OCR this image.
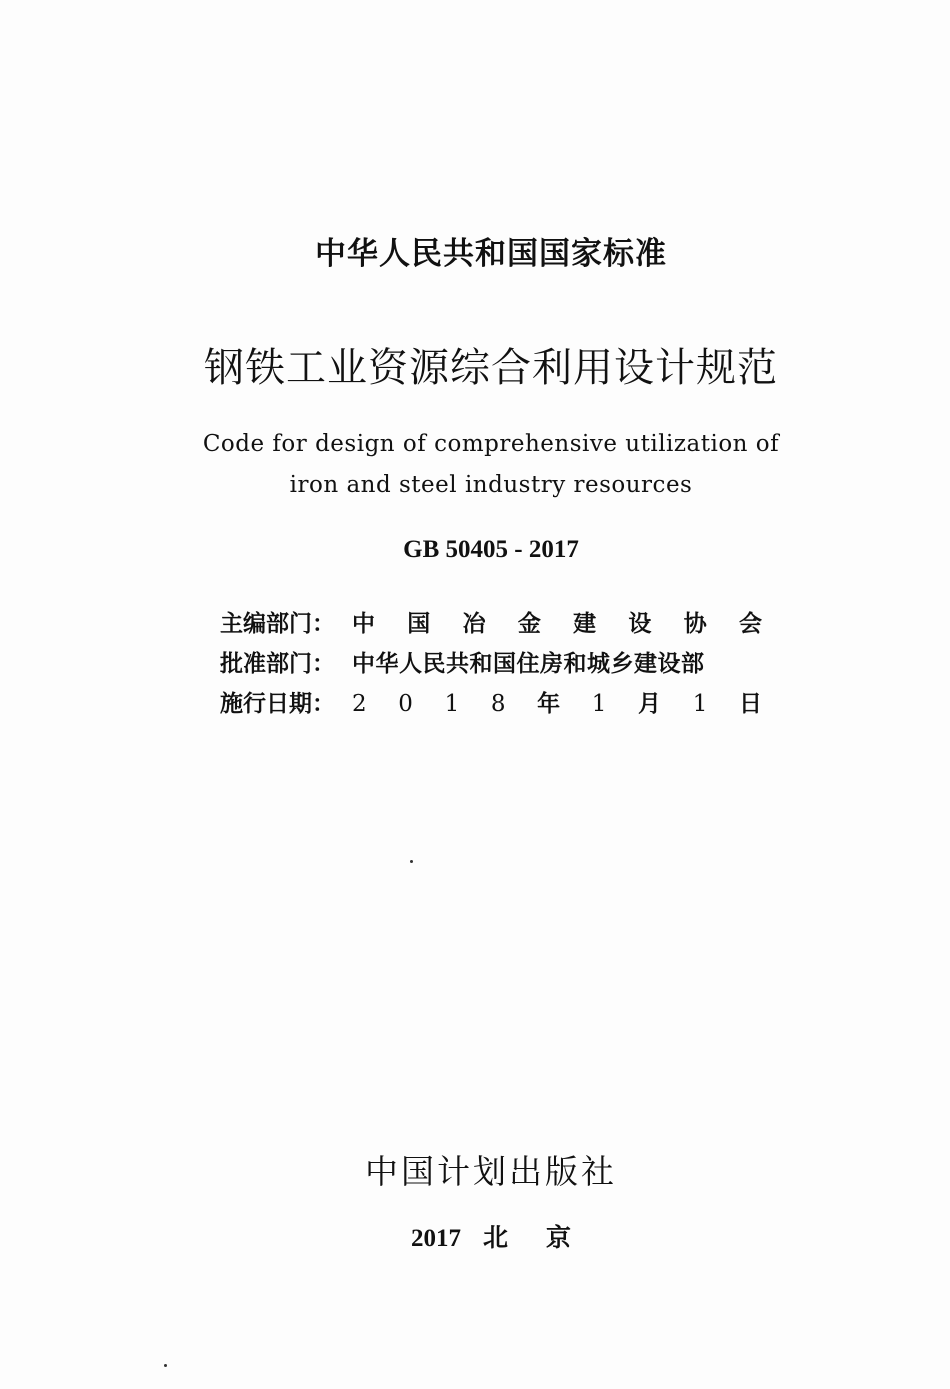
中华人民共和国国家标准
钢铁工业资源综合利用设计规范
Code for design of comprehensive utilization of
iron and steel industry resources
GB 50405 - 2017
主编部门： 中 国 冶 金 建 设 协 会
批准部门： 中华人民共和国住房和城乡建设部
施行日期： 2 0 1 8 年 1 月 1 日
中国计划出版社
2017 北 京
